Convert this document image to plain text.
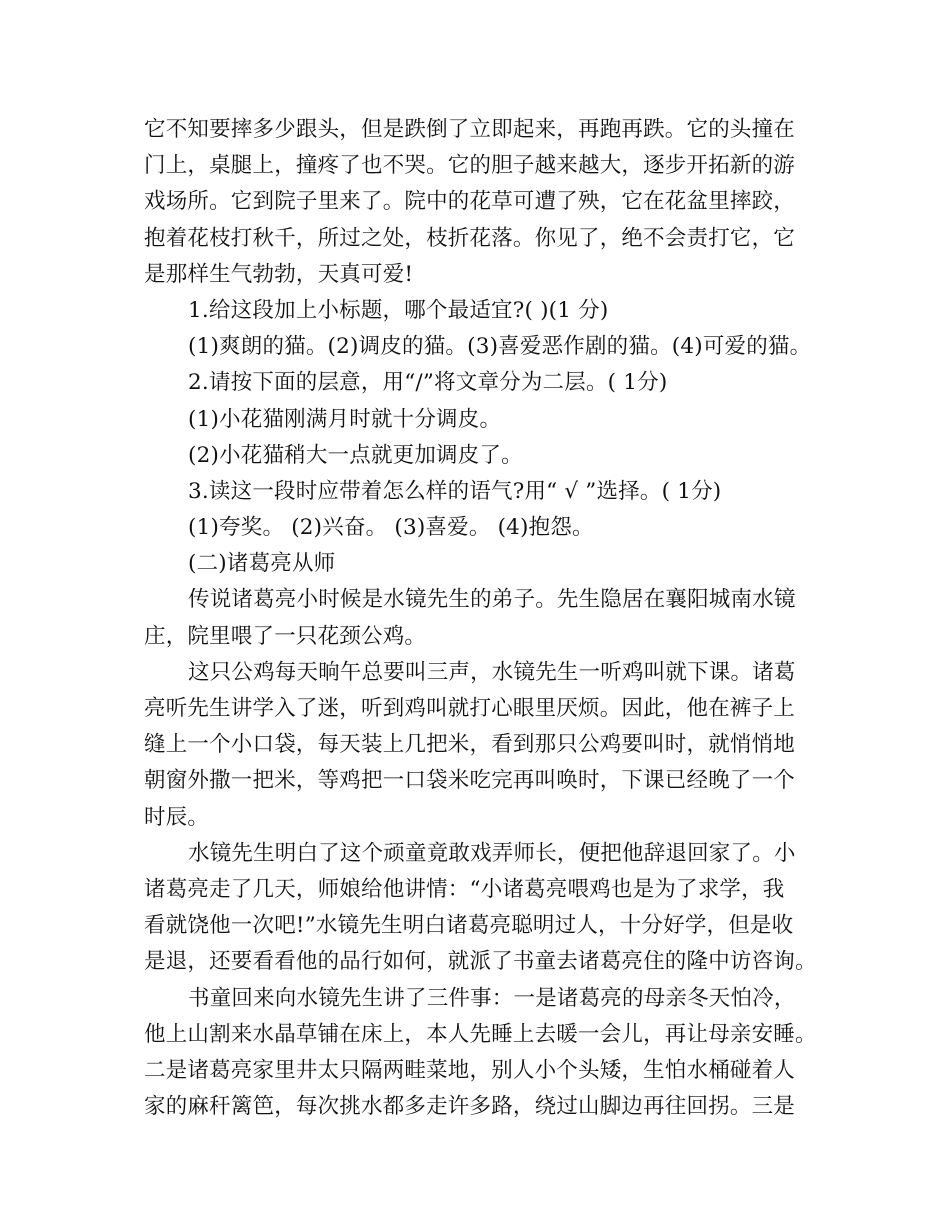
它不知要摔多少跟头，但是跌倒了立即起来，再跑再跌。它的头撞在
门上，桌腿上，撞疼了也不哭。它的胆子越来越大，逐步开拓新的游
戏场所。它到院子里来了。院中的花草可遭了殃，它在花盆里摔跤，
抱着花枝打秋千，所过之处，枝折花落。你见了，绝不会责打它，它
是那样生气勃勃，天真可爱!
1.给这段加上小标题，哪个最适宜?( )(1 分)
(1)爽朗的猫。(2)调皮的猫。(3)喜爱恶作剧的猫。(4)可爱的猫。
2.请按下面的层意，用“/”将文章分为二层。( 1分)
(1)小花猫刚满月时就十分调皮。
(2)小花猫稍大一点就更加调皮了。
3.读这一段时应带着怎么样的语气?用“ √ ”选择。( 1分)
(1)夸奖。 (2)兴奋。 (3)喜爱。 (4)抱怨。
(二)诸葛亮从师
传说诸葛亮小时候是水镜先生的弟子。先生隐居在襄阳城南水镜
庄，院里喂了一只花颈公鸡。
这只公鸡每天晌午总要叫三声，水镜先生一听鸡叫就下课。诸葛
亮听先生讲学入了迷，听到鸡叫就打心眼里厌烦。因此，他在裤子上
缝上一个小口袋，每天装上几把米，看到那只公鸡要叫时，就悄悄地
朝窗外撒一把米，等鸡把一口袋米吃完再叫唤时，下课已经晚了一个
时辰。
水镜先生明白了这个顽童竟敢戏弄师长，便把他辞退回家了。小
诸葛亮走了几天，师娘给他讲情：“小诸葛亮喂鸡也是为了求学，我
看就饶他一次吧!”水镜先生明白诸葛亮聪明过人，十分好学，但是收
是退，还要看看他的品行如何，就派了书童去诸葛亮住的隆中访咨询。
书童回来向水镜先生讲了三件事：一是诸葛亮的母亲冬天怕冷，
他上山割来水晶草铺在床上，本人先睡上去暖一会儿，再让母亲安睡。
二是诸葛亮家里井太只隔两畦菜地，别人小个头矮，生怕水桶碰着人
家的麻秆篱笆，每次挑水都多走许多路，绕过山脚边再往回拐。三是
